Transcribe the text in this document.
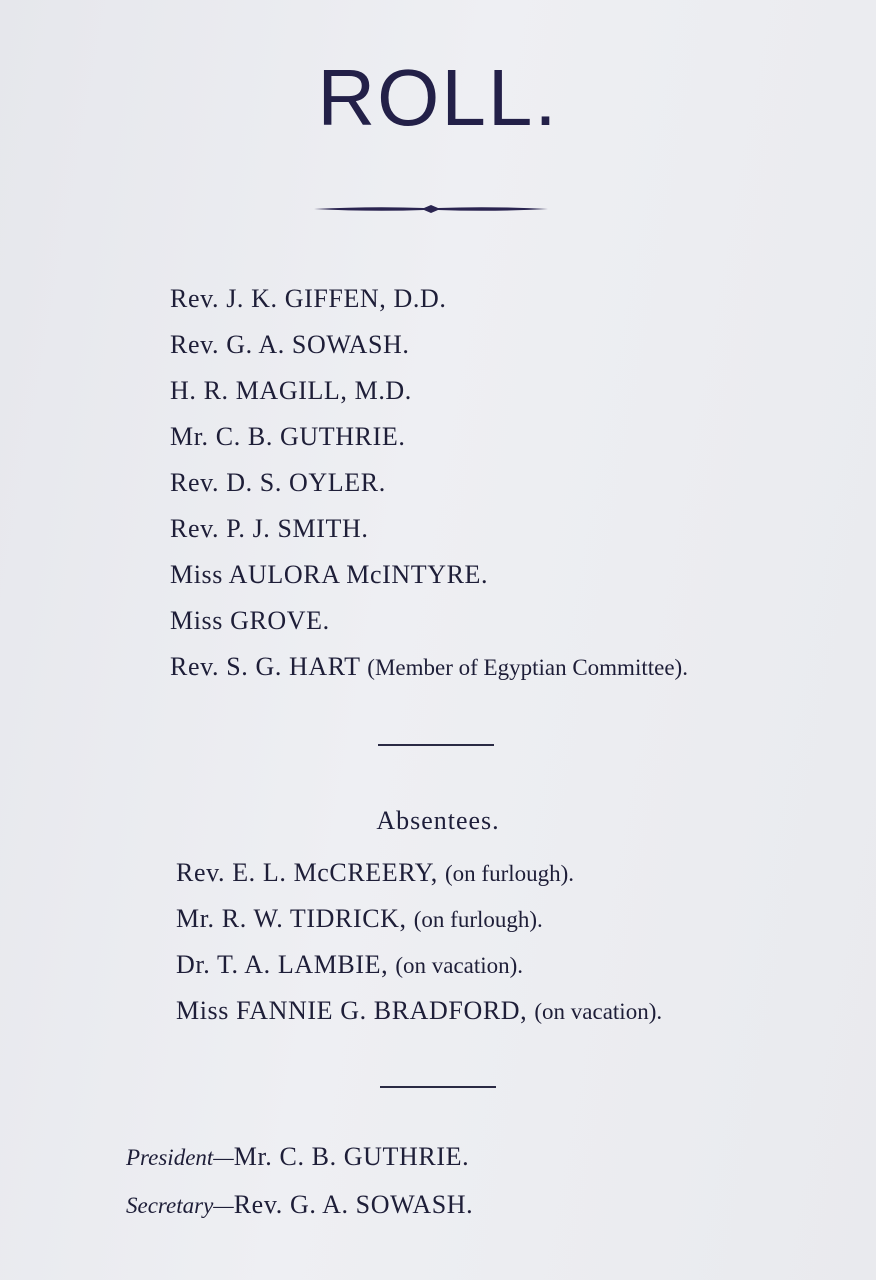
ROLL.
Rev. J. K. GIFFEN, D.D.
Rev. G. A. SOWASH.
H. R. MAGILL, M.D.
Mr. C. B. GUTHRIE.
Rev. D. S. OYLER.
Rev. P. J. SMITH.
Miss AULORA McINTYRE.
Miss GROVE.
Rev. S. G. HART (Member of Egyptian Committee).
Absentees.
Rev. E. L. McCREERY, (on furlough).
Mr. R. W. TIDRICK, (on furlough).
Dr. T. A. LAMBIE, (on vacation).
Miss FANNIE G. BRADFORD, (on vacation).
President—Mr. C. B. GUTHRIE.
Secretary—Rev. G. A. SOWASH.
